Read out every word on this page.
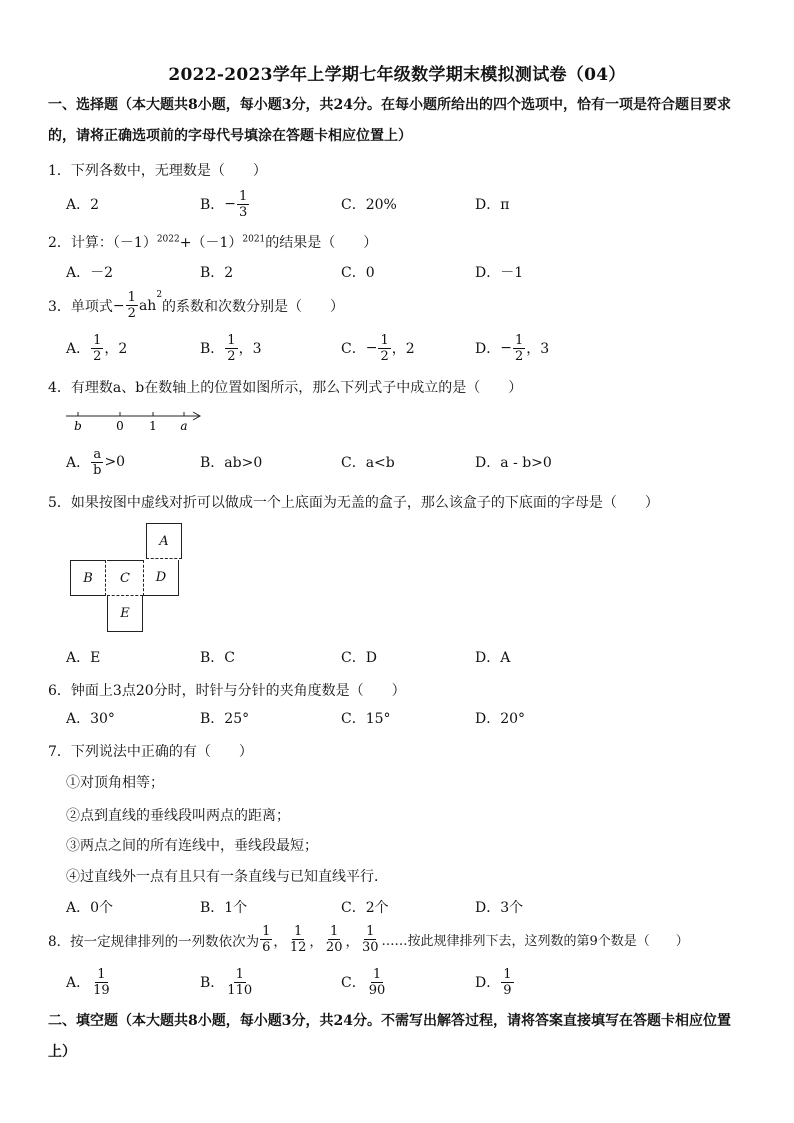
2022-2023学年上学期七年级数学期末模拟测试卷（04）
一、选择题（本大题共8小题，每小题3分，共24分。在每小题所给出的四个选项中，恰有一项是符合题目要求
的，请将正确选项前的字母代号填涂在答题卡相应位置上）
1．下列各数中，无理数是（　　）
A．2	B． − $\frac{1}{3}$	C．20%	D．π
2．计算：$(-1)^{2022}+(-1)^{2021}$的结果是（　　）
A．－2	B．2	C．0	D．－1
3．单项式 − $\frac{1}{2}$ ah
$^2$
的系数和次数分别是（　　）
A． $\frac{1}{2}$ ，2	B． $\frac{1}{2}$ ，3	C． − $\frac{1}{2}$ ，2	D． − $\frac{1}{2}$ ，3
4．有理数a、b在数轴上的位置如图所示，那么下列式子中成立的是（　　）
b	0 1 a
A． $\frac{a}{b} >0$	B．ab>0	C．a<b	D．a - b>0
5．如果按图中虚线对折可以做成一个上底面为无盖的盒子，那么该盒子的下底面的字母是（　　）
A
B	C	D
E
A．E	B．C	C．D	D．A
6．钟面上3点20分时，时针与分针的夹角度数是（　　）
A．30°	B．25°	C．15°	D．20°
7．下列说法中正确的有（　　）
①对顶角相等；
②点到直线的垂线段叫两点的距离；
③两点之间的所有连线中，垂线段最短；
④过直线外一点有且只有一条直线与已知直线平行．
A．0个	B．1个	C．2个	D．3个
8．按一定规律排列的一列数依次为 $\frac{1}{6}$ ， $\frac{1}{12}$ ， $\frac{1}{20}$ ， $\frac{1}{30}$ ……按此规律排列下去，这列数的第9个数是（　　）
A． $\frac{1}{19}$	B． $\frac{1}{110}$	C． $\frac{1}{90}$	D． $\frac{1}{9}$
二、填空题（本大题共8小题，每小题3分，共24分。不需写出解答过程，请将答案直接填写在答题卡相应位置
上）
